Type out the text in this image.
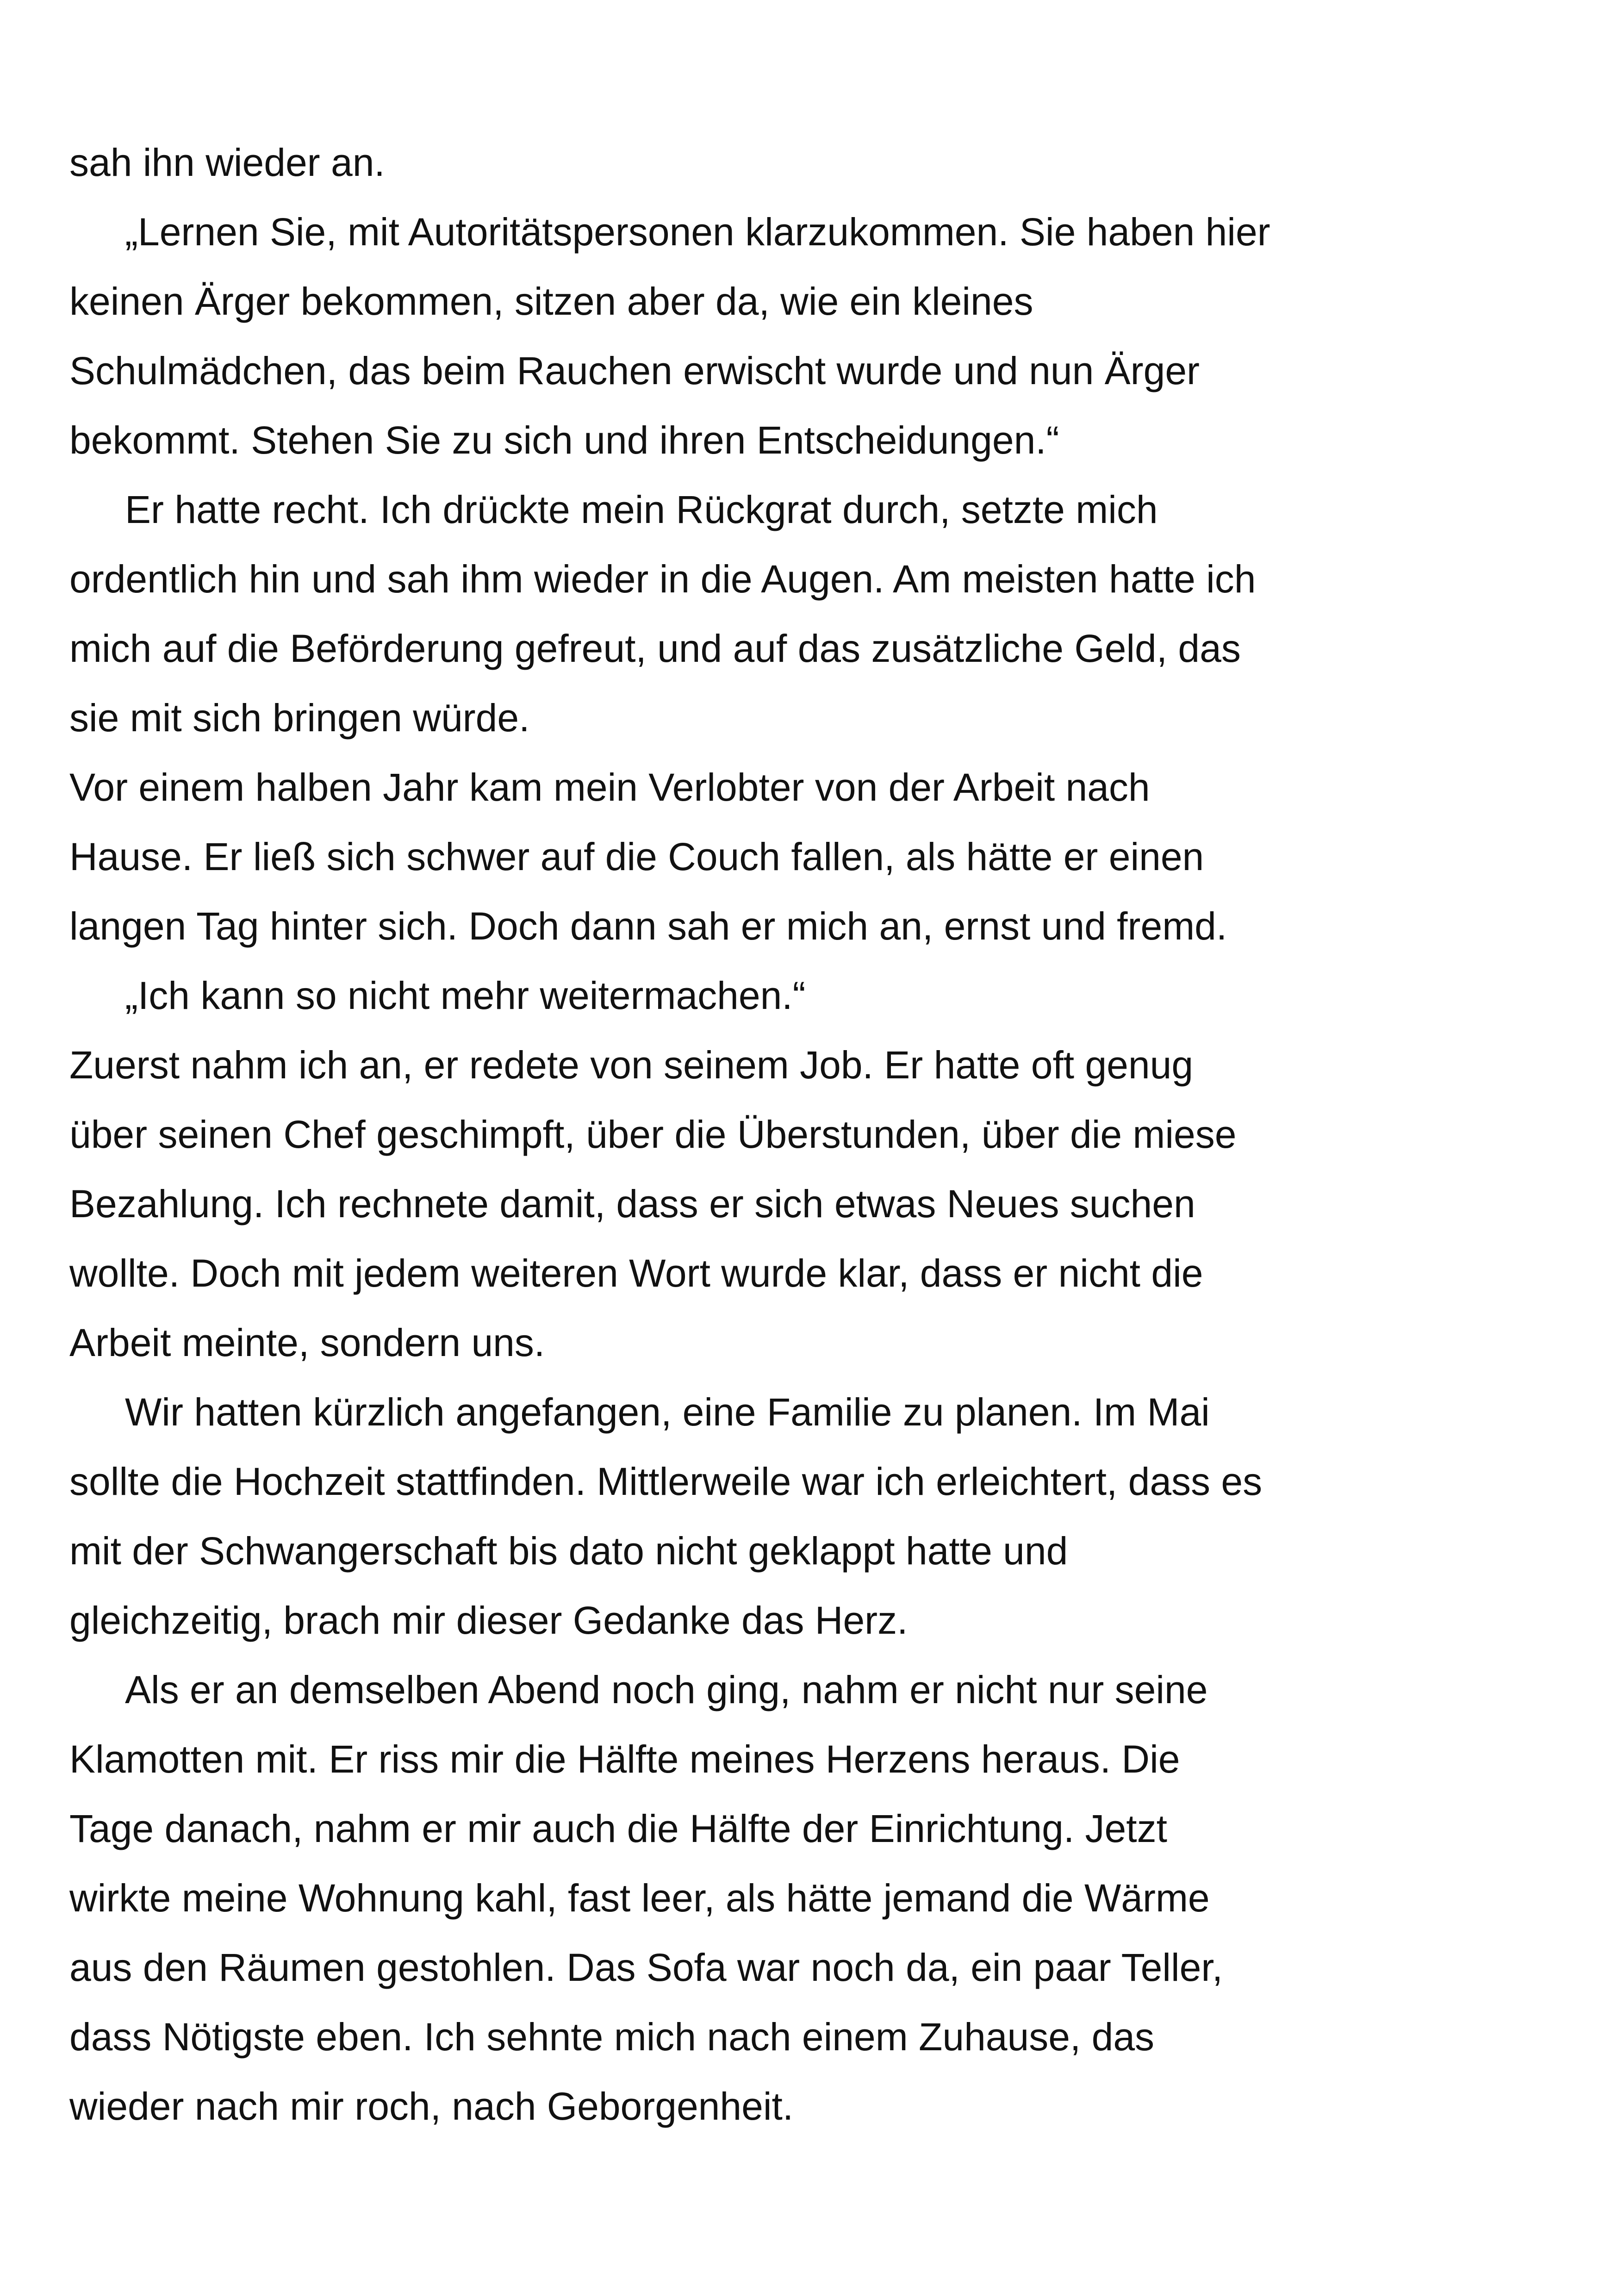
sah ihn wieder an.
„Lernen Sie, mit Autoritätspersonen klarzukommen. Sie haben hier
keinen Ärger bekommen, sitzen aber da, wie ein kleines
Schulmädchen, das beim Rauchen erwischt wurde und nun Ärger
bekommt. Stehen Sie zu sich und ihren Entscheidungen.“
Er hatte recht. Ich drückte mein Rückgrat durch, setzte mich
ordentlich hin und sah ihm wieder in die Augen. Am meisten hatte ich
mich auf die Beförderung gefreut, und auf das zusätzliche Geld, das
sie mit sich bringen würde.
Vor einem halben Jahr kam mein Verlobter von der Arbeit nach
Hause. Er ließ sich schwer auf die Couch fallen, als hätte er einen
langen Tag hinter sich. Doch dann sah er mich an, ernst und fremd.
„Ich kann so nicht mehr weitermachen.“
Zuerst nahm ich an, er redete von seinem Job. Er hatte oft genug
über seinen Chef geschimpft, über die Überstunden, über die miese
Bezahlung. Ich rechnete damit, dass er sich etwas Neues suchen
wollte. Doch mit jedem weiteren Wort wurde klar, dass er nicht die
Arbeit meinte, sondern uns.
Wir hatten kürzlich angefangen, eine Familie zu planen. Im Mai
sollte die Hochzeit stattfinden. Mittlerweile war ich erleichtert, dass es
mit der Schwangerschaft bis dato nicht geklappt hatte und
gleichzeitig, brach mir dieser Gedanke das Herz.
Als er an demselben Abend noch ging, nahm er nicht nur seine
Klamotten mit. Er riss mir die Hälfte meines Herzens heraus. Die
Tage danach, nahm er mir auch die Hälfte der Einrichtung. Jetzt
wirkte meine Wohnung kahl, fast leer, als hätte jemand die Wärme
aus den Räumen gestohlen. Das Sofa war noch da, ein paar Teller,
dass Nötigste eben. Ich sehnte mich nach einem Zuhause, das
wieder nach mir roch, nach Geborgenheit.
